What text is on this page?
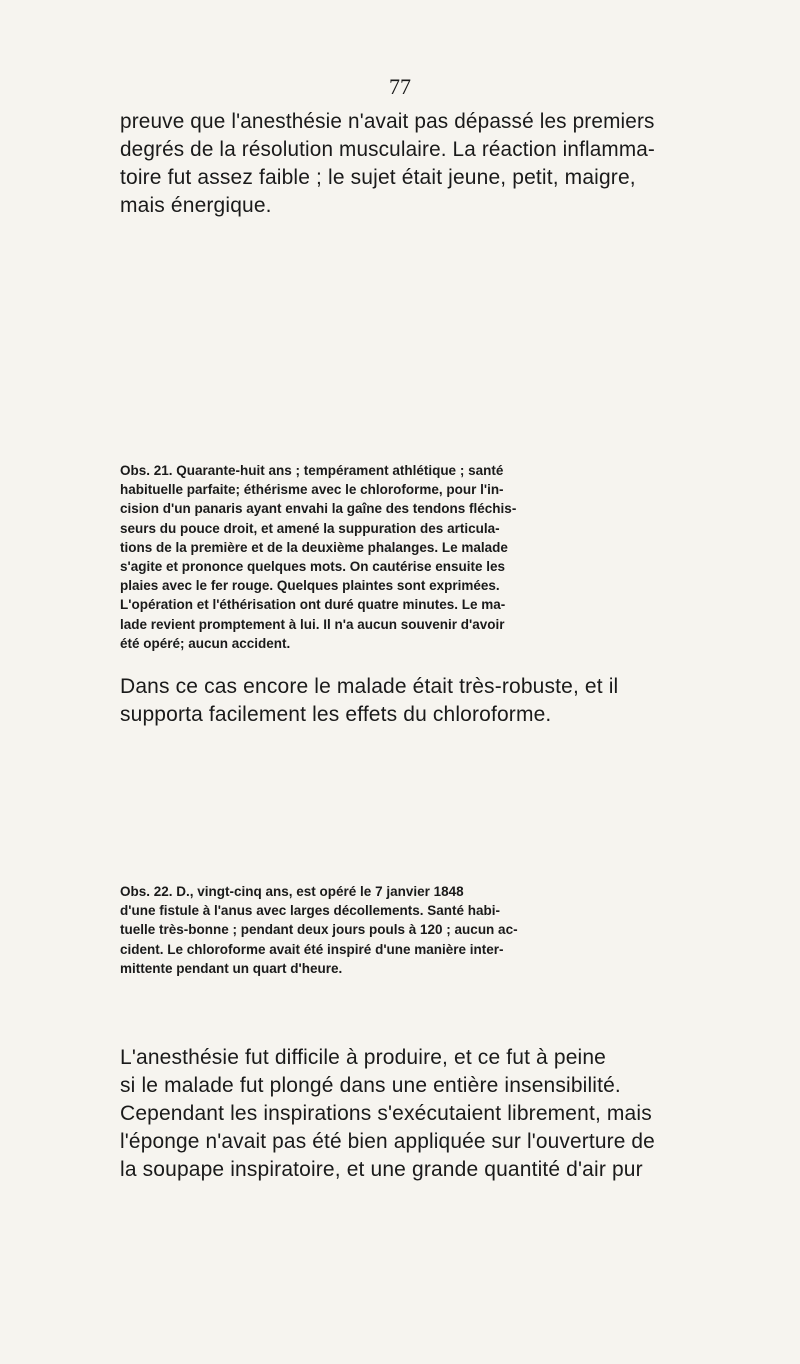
77

preuve que l'anesthésie n'avait pas dépassé les premiers
degrés de la résolution musculaire. La réaction inflamma-
toire fut assez faible ; le sujet était jeune, petit, maigre,
mais énergique.

Obs. 21. Quarante-huit ans ; tempérament athlétique ; santé
habituelle parfaite; éthérisme avec le chloroforme, pour l'in-
cision d'un panaris ayant envahi la gaîne des tendons fléchis-
seurs du pouce droit, et amené la suppuration des articula-
tions de la première et de la deuxième phalanges. Le malade
s'agite et prononce quelques mots. On cautérise ensuite les
plaies avec le fer rouge. Quelques plaintes sont exprimées.
L'opération et l'éthérisation ont duré quatre minutes. Le ma-
lade revient promptement à lui. Il n'a aucun souvenir d'avoir
été opéré; aucun accident.

Dans ce cas encore le malade était très-robuste, et il
supporta facilement les effets du chloroforme.

Obs. 22. D., vingt-cinq ans, est opéré le 7 janvier 1848
d'une fistule à l'anus avec larges décollements. Santé habi-
tuelle très-bonne ; pendant deux jours pouls à 120 ; aucun ac-
cident. Le chloroforme avait été inspiré d'une manière inter-
mittente pendant un quart d'heure.

L'anesthésie fut difficile à produire, et ce fut à peine
si le malade fut plongé dans une entière insensibilité.
Cependant les inspirations s'exécutaient librement, mais
l'éponge n'avait pas été bien appliquée sur l'ouverture de
la soupape inspiratoire, et une grande quantité d'air pur
